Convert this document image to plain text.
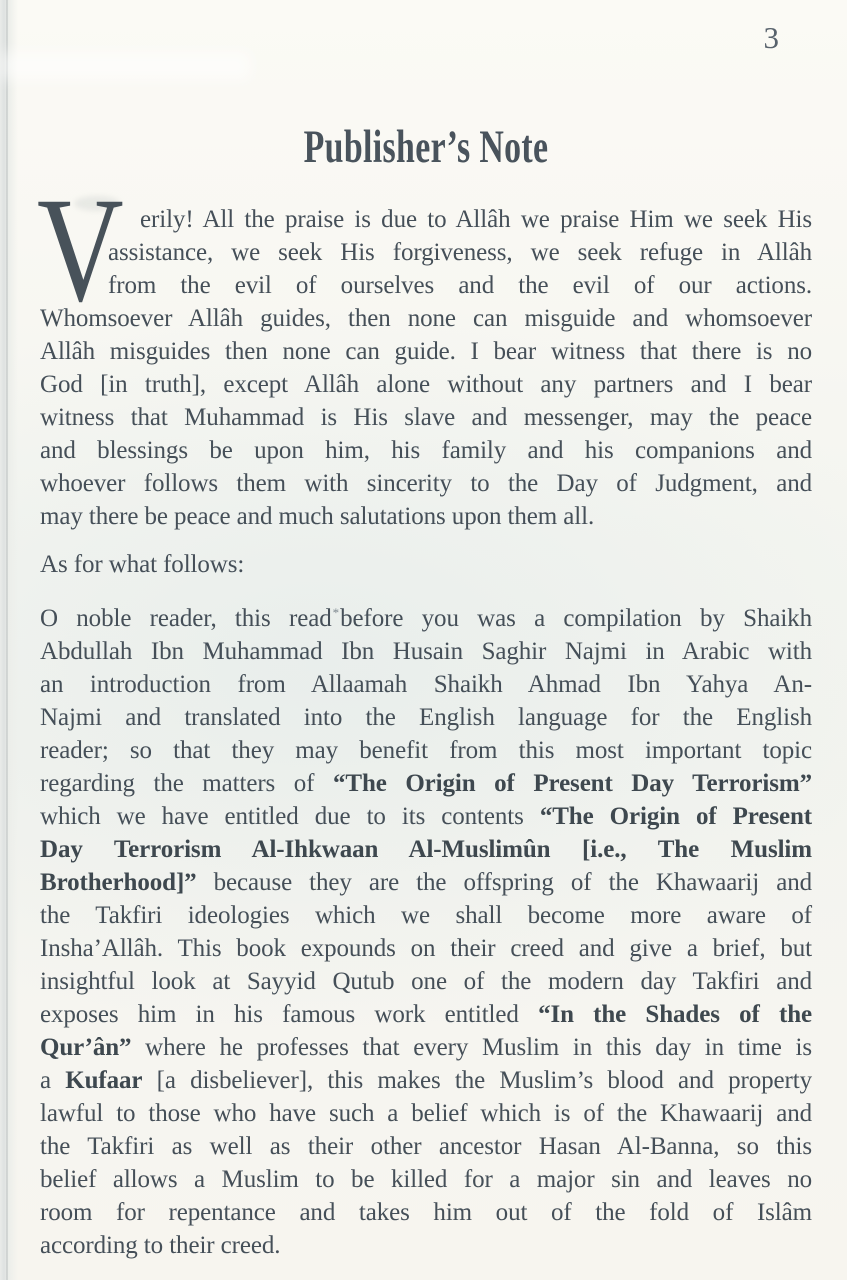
3
Publisher’s Note
V erily! All the praise is due to Allâh we praise Him we seek His
assistance, we seek His forgiveness, we seek refuge in Allâh
from the evil of ourselves and the evil of our actions.
Whomsoever Allâh guides, then none can misguide and whomsoever
Allâh misguides then none can guide. I bear witness that there is no
God [in truth], except Allâh alone without any partners and I bear
witness that Muhammad is His slave and messenger, may the peace
and blessings be upon him, his family and his companions and
whoever follows them with sincerity to the Day of Judgment, and
may there be peace and much salutations upon them all.
As for what follows:
O noble reader, this read*before you was a compilation by Shaikh
Abdullah Ibn Muhammad Ibn Husain Saghir Najmi in Arabic with
an introduction from Allaamah Shaikh Ahmad Ibn Yahya An-
Najmi and translated into the English language for the English
reader; so that they may benefit from this most important topic
regarding the matters of “The Origin of Present Day Terrorism”
which we have entitled due to its contents “The Origin of Present
Day Terrorism Al-Ihkwaan Al-Muslimûn [i.e., The Muslim
Brotherhood]” because they are the offspring of the Khawaarij and
the Takfiri ideologies which we shall become more aware of
Insha’Allâh. This book expounds on their creed and give a brief, but
insightful look at Sayyid Qutub one of the modern day Takfiri and
exposes him in his famous work entitled “In the Shades of the
Qur’ân” where he professes that every Muslim in this day in time is
a Kufaar [a disbeliever], this makes the Muslim’s blood and property
lawful to those who have such a belief which is of the Khawaarij and
the Takfiri as well as their other ancestor Hasan Al-Banna, so this
belief allows a Muslim to be killed for a major sin and leaves no
room for repentance and takes him out of the fold of Islâm
according to their creed.
